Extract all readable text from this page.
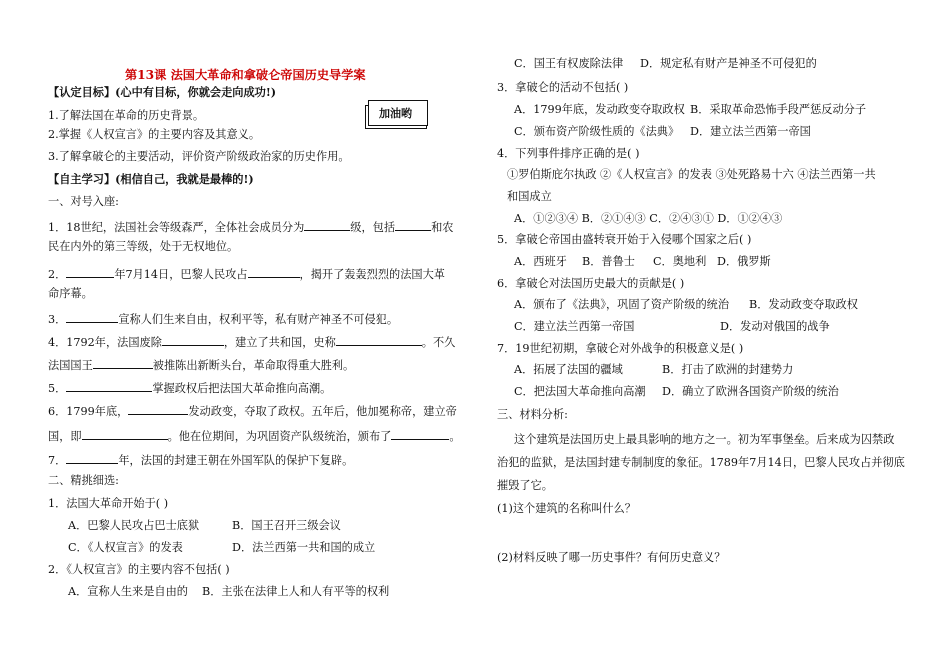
第13课 法国大革命和拿破仑帝国历史导学案
加油哟
【认定目标】(心中有目标，你就会走向成功!)
1.了解法国在革命的历史背景。
2.掌握《人权宣言》的主要内容及其意义。
3.了解拿破仑的主要活动，评价资产阶级政治家的历史作用。
【自主学习】(相信自己，我就是最棒的!)
一、对号入座:
1．18世纪，法国社会等级森严，全体社会成员分为	级，包括	和农
民在内外的第三等级，处于无权地位。
2．	年7月14日，巴黎人民攻占	，揭开了轰轰烈烈的法国大革
命序幕。
3．	宣称人们生来自由，权利平等，私有财产神圣不可侵犯。
4．1792年，法国废除	，建立了共和国，史称	。不久
法国国王	被推陈出新断头台，革命取得重大胜利。
5．	掌握政权后把法国大革命推向高潮。
6．1799年底，	发动政变，夺取了政权。五年后，他加冕称帝，建立帝
国，即	。他在位期间，为巩固资产队级统治，颁布了	。
7．	年，法国的封建王朝在外国军队的保护下复辟。
二、精挑细选:
1．法国大革命开始于( )
A．巴黎人民攻占巴士底狱	B．国王召开三级会议
C．《人权宣言》的发表	D．法兰西第一共和国的成立
2．《人权宣言》的主要内容不包括( )
A．宣称人生来是自由的 B．主张在法律上人和人有平等的权利
C．国王有权废除法律 D．规定私有财产是神圣不可侵犯的
3．拿破仑的活动不包括( )
A．1799年底，发动政变夺取政权 B．采取革命恐怖手段严惩反动分子
C．颁布资产阶级性质的《法典》 D．建立法兰西第一帝国
4．下列事件排序正确的是( )
①罗伯斯庇尔执政 ②《人权宣言》的发表 ③处死路易十六 ④法兰西第一共
和国成立
A．①②③④ B．②①④③ C．②④③① D．①②④③
5．拿破仑帝国由盛转衰开始于入侵哪个国家之后( )
A．西班牙 B．普鲁士 C．奥地利 D．俄罗斯
6．拿破仑对法国历史最大的贡献是( )
A．颁布了《法典》，巩固了资产阶级的统治 B．发动政变夺取政权
C．建立法兰西第一帝国	D．发动对俄国的战争
7．19世纪初期，拿破仑对外战争的积极意义是( )
A．拓展了法国的疆域	B．打击了欧洲的封建势力
C．把法国大革命推向高潮 D．确立了欧洲各国资产阶级的统治
三、材料分析:
这个建筑是法国历史上最具影响的地方之一。初为军事堡垒。后来成为囚禁政
治犯的监狱，是法国封建专制制度的象征。1789年7月14日，巴黎人民攻占并彻底
摧毁了它。
(1)这个建筑的名称叫什么？
(2)材料反映了哪一历史事件？有何历史意义？
